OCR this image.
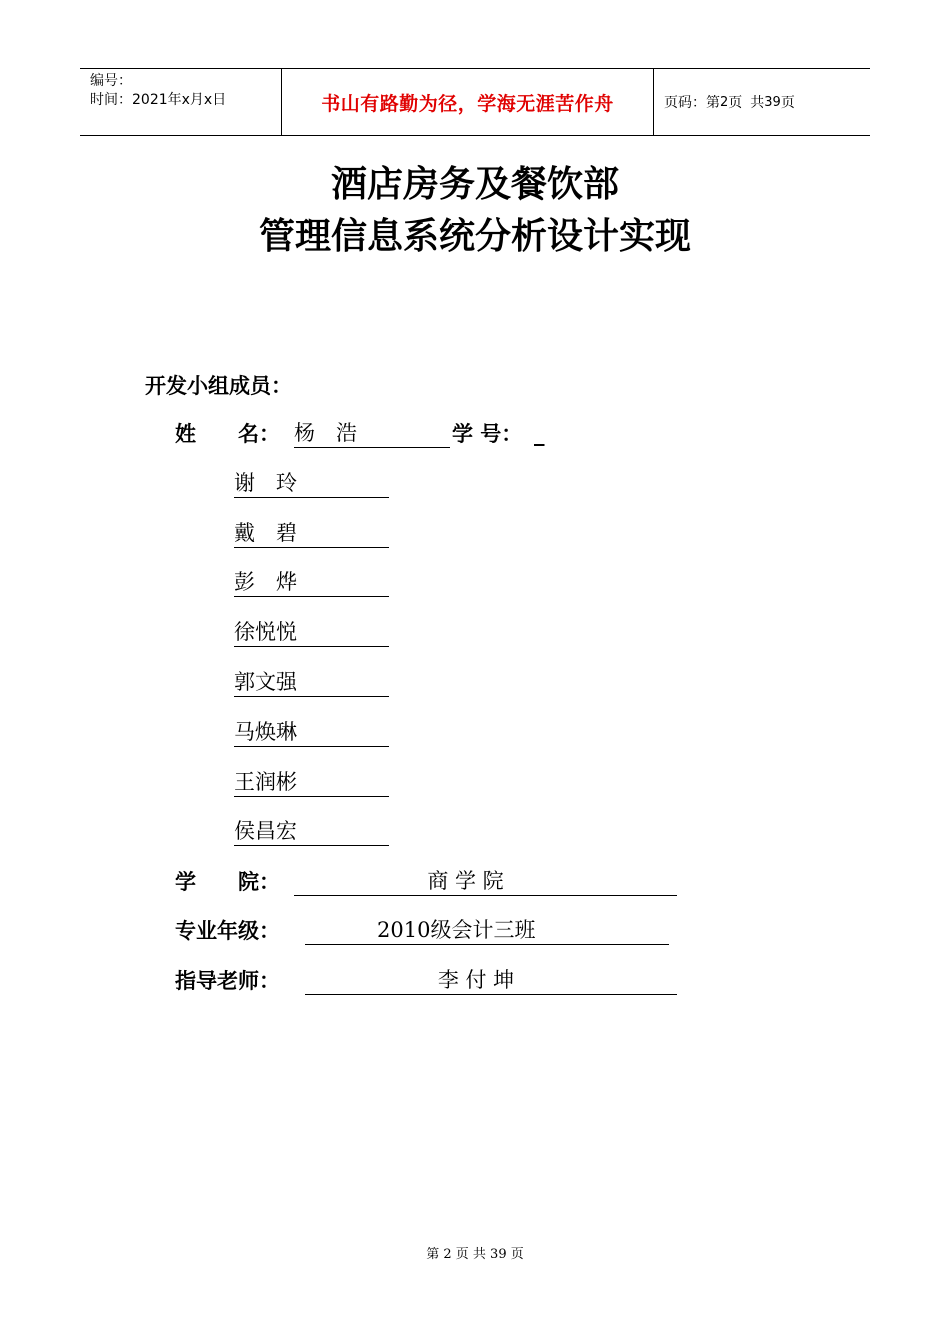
编号：
时间：2021年x月x日	书山有路勤为径，学海无涯苦作舟	页码：第 2 页 共 39 页
酒店房务及餐饮部
管理信息系统分析设计实现
开发小组成员：
姓　　名： 杨　浩	学 号： _
谢　玲
戴　碧
彭　烨
徐悦悦
郭文强
马焕琳
王润彬
侯昌宏
学　　院：	商 学 院
专业年级：	2010级会计三班
指导老师：	李 付 坤
第 2 页 共 39 页
